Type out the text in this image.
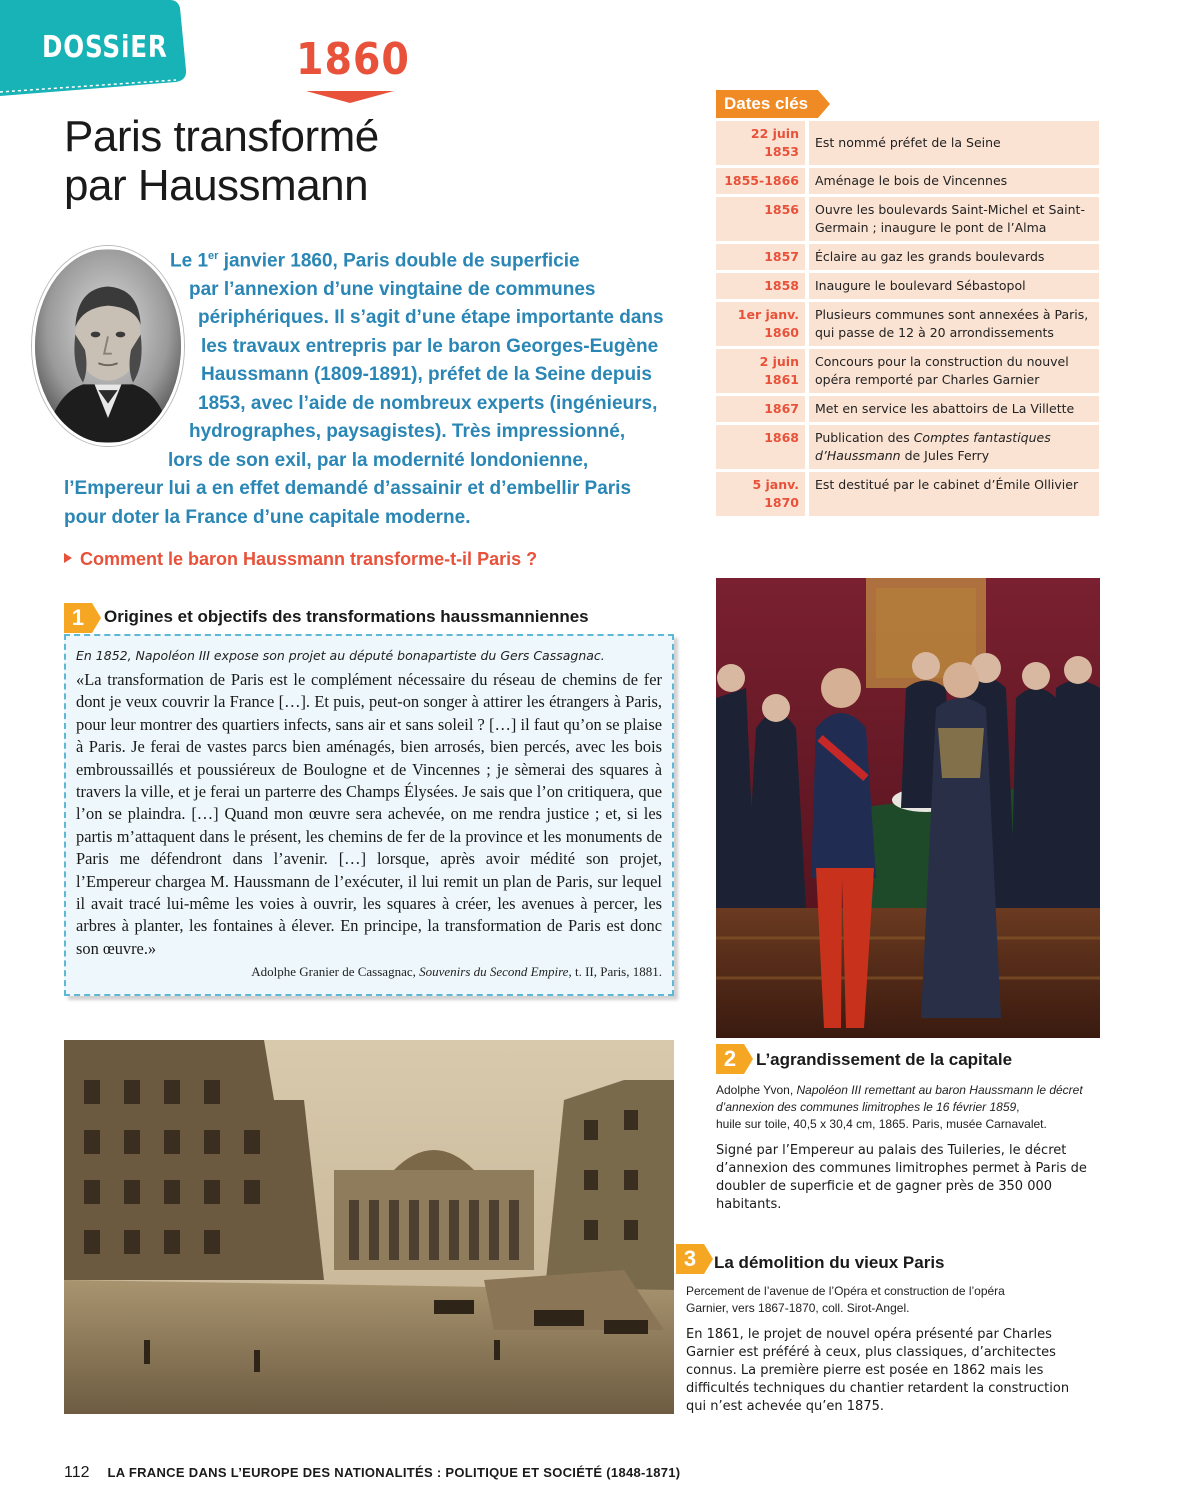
DOSSiER	1860
Paris transformé
par Haussmann
Le 1er janvier 1860, Paris double de superficie
par l’annexion d’une vingtaine de communes
périphériques. Il s’agit d’une étape importante dans
les travaux entrepris par le baron Georges-Eugène
Haussmann (1809-1891), préfet de la Seine depuis
1853, avec l’aide de nombreux experts (ingénieurs,
hydrographes, paysagistes). Très impressionné,
lors de son exil, par la modernité londonienne,
l’Empereur lui a en effet demandé d’assainir et d’embellir Paris
pour doter la France d’une capitale moderne.
Comment le baron Haussmann transforme-t-il Paris ?
Dates clés
22 juin 1853	Est nommé préfet de la Seine
1855-1866	Aménage le bois de Vincennes
1856	Ouvre les boulevards Saint-Michel et Saint-Germain ; inaugure le pont de l’Alma
1857	Éclaire au gaz les grands boulevards
1858	Inaugure le boulevard Sébastopol
1er janv. 1860	Plusieurs communes sont annexées à Paris, qui passe de 12 à 20 arrondissements
2 juin 1861	Concours pour la construction du nouvel opéra remporté par Charles Garnier
1867	Met en service les abattoirs de La Villette
1868	Publication des Comptes fantastiques d’Haussmann de Jules Ferry
5 janv. 1870	Est destitué par le cabinet d’Émile Ollivier
1	Origines et objectifs des transformations haussmanniennes
En 1852, Napoléon III expose son projet au député bonapartiste du Gers Cassagnac.
«La transformation de Paris est le complément nécessaire du réseau de chemins de fer dont je veux couvrir la France […]. Et puis, peut-on songer à attirer les étrangers à Paris, pour leur montrer des quartiers infects, sans air et sans soleil ? […] il faut qu’on se plaise à Paris. Je ferai de vastes parcs bien aménagés, bien arrosés, bien percés, avec les bois embroussaillés et poussiéreux de Boulogne et de Vincennes ; je sèmerai des squares à travers la ville, et je ferai un parterre des Champs Élysées. Je sais que l’on critiquera, que l’on se plaindra. […] Quand mon œuvre sera achevée, on me rendra justice ; et, si les partis m’attaquent dans le présent, les chemins de fer de la province et les monuments de Paris me défendront dans l’avenir. […] lorsque, après avoir médité son projet, l’Empereur chargea M. Haussmann de l’exécuter, il lui remit un plan de Paris, sur lequel il avait tracé lui-même les voies à ouvrir, les squares à créer, les avenues à percer, les arbres à planter, les fontaines à élever. En principe, la transformation de Paris est donc son œuvre.»
Adolphe Granier de Cassagnac, Souvenirs du Second Empire, t. II, Paris, 1881.
2	L’agrandissement de la capitale
Adolphe Yvon, Napoléon III remettant au baron Haussmann le décret d’annexion des communes limitrophes le 16 février 1859,
huile sur toile, 40,5 x 30,4 cm, 1865. Paris, musée Carnavalet.
Signé par l’Empereur au palais des Tuileries, le décret d’annexion des communes limitrophes permet à Paris de doubler de superficie et de gagner près de 350 000 habitants.
3	La démolition du vieux Paris
Percement de l’avenue de l’Opéra et construction de l’opéra Garnier, vers 1867-1870, coll. Sirot-Angel.
En 1861, le projet de nouvel opéra présenté par Charles Garnier est préféré à ceux, plus classiques, d’architectes connus. La première pierre est posée en 1862 mais les difficultés techniques du chantier retardent la construction qui n’est achevée qu’en 1875.
112 LA FRANCE DANS L’EUROPE DES NATIONALITÉS : POLITIQUE ET SOCIÉTÉ (1848-1871)
